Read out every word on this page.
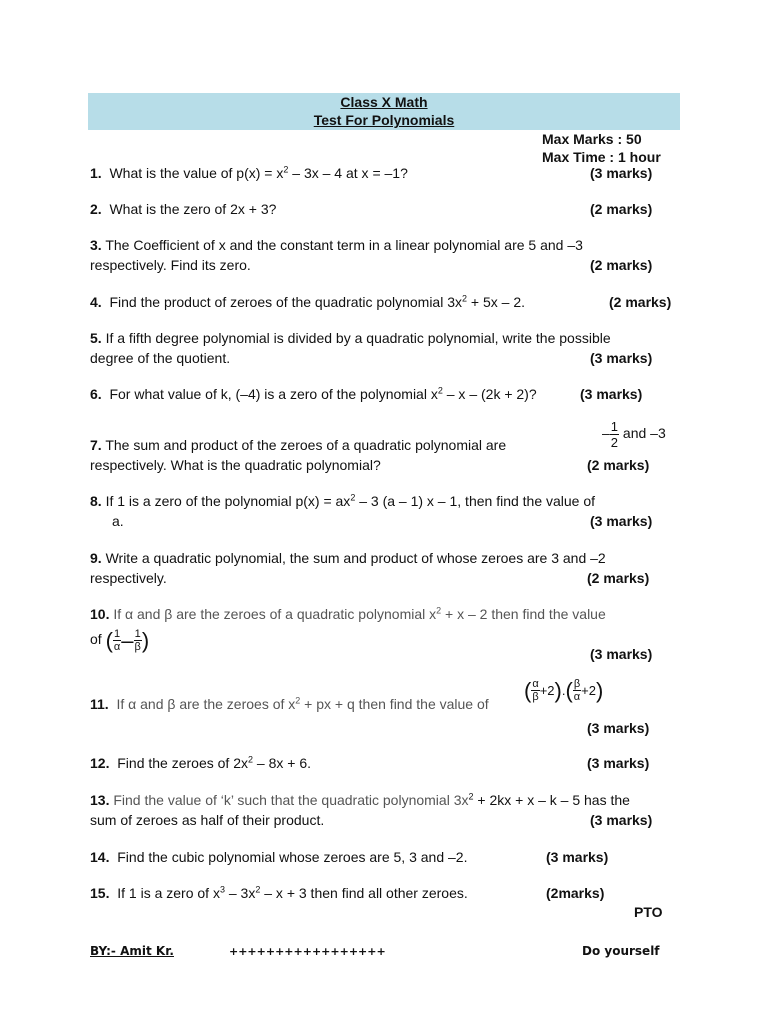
Class X Math
Test For Polynomials
Max Marks : 50
Max Time : 1 hour
1. What is the value of $p(x) = x^2 - 3x - 4$ at x = –1?	(3 marks)
2. What is the zero of 2x + 3?	(2 marks)
3. The Coefficient of x and the constant term in a linear polynomial are 5 and –3
respectively. Find its zero.	(2 marks)
4. Find the product of zeroes of the quadratic polynomial $3x^2 + 5x - 2$.	(2 marks)
5. If a fifth degree polynomial is divided by a quadratic polynomial, write the possible
degree of the quotient.	(3 marks)
6. For what value of k, (–4) is a zero of the polynomial $x^2 - x - (2k + 2)$?	(3 marks)
7. The sum and product of the zeroes of a quadratic polynomial are
respectively. What is the quadratic polynomial?
– $\frac{1}{2}$ and –3
(2 marks)
8. If 1 is a zero of the polynomial $p(x) = ax^2 - 3$ (a – 1) x – 1, then find the value of
a.	(3 marks)
9. Write a quadratic polynomial, the sum and product of whose zeroes are 3 and –2
respectively.	(2 marks)
10. If α and β are the zeroes of a quadratic polynomial $x^2 + x - 2$ then find the value
of ( $\frac{1}{\alpha} - \frac{1}{\beta}$ )
(3 marks)
11. If α and β are the zeroes of $x^2$ + px + q then find the value of
( $\frac{\alpha}{\beta} +2$ ) . ( $\frac{\beta}{\alpha} +2$ )
(3 marks)
12. Find the zeroes of $2x^2 - 8x + 6$.	(3 marks)
13. Find the value of ‘k’ such that the quadratic polynomial $3x^2 + 2kx + x - k - 5$ has the
sum of zeroes as half of their product.	(3 marks)
14. Find the cubic polynomial whose zeroes are 5, 3 and –2.	(3 marks)
15. If 1 is a zero of $x^3 - 3x^2 - x + 3$ then find all other zeroes.	(2marks)
PTO
BY:- Amit Kr.	+++++++++++++++++	Do yourself
